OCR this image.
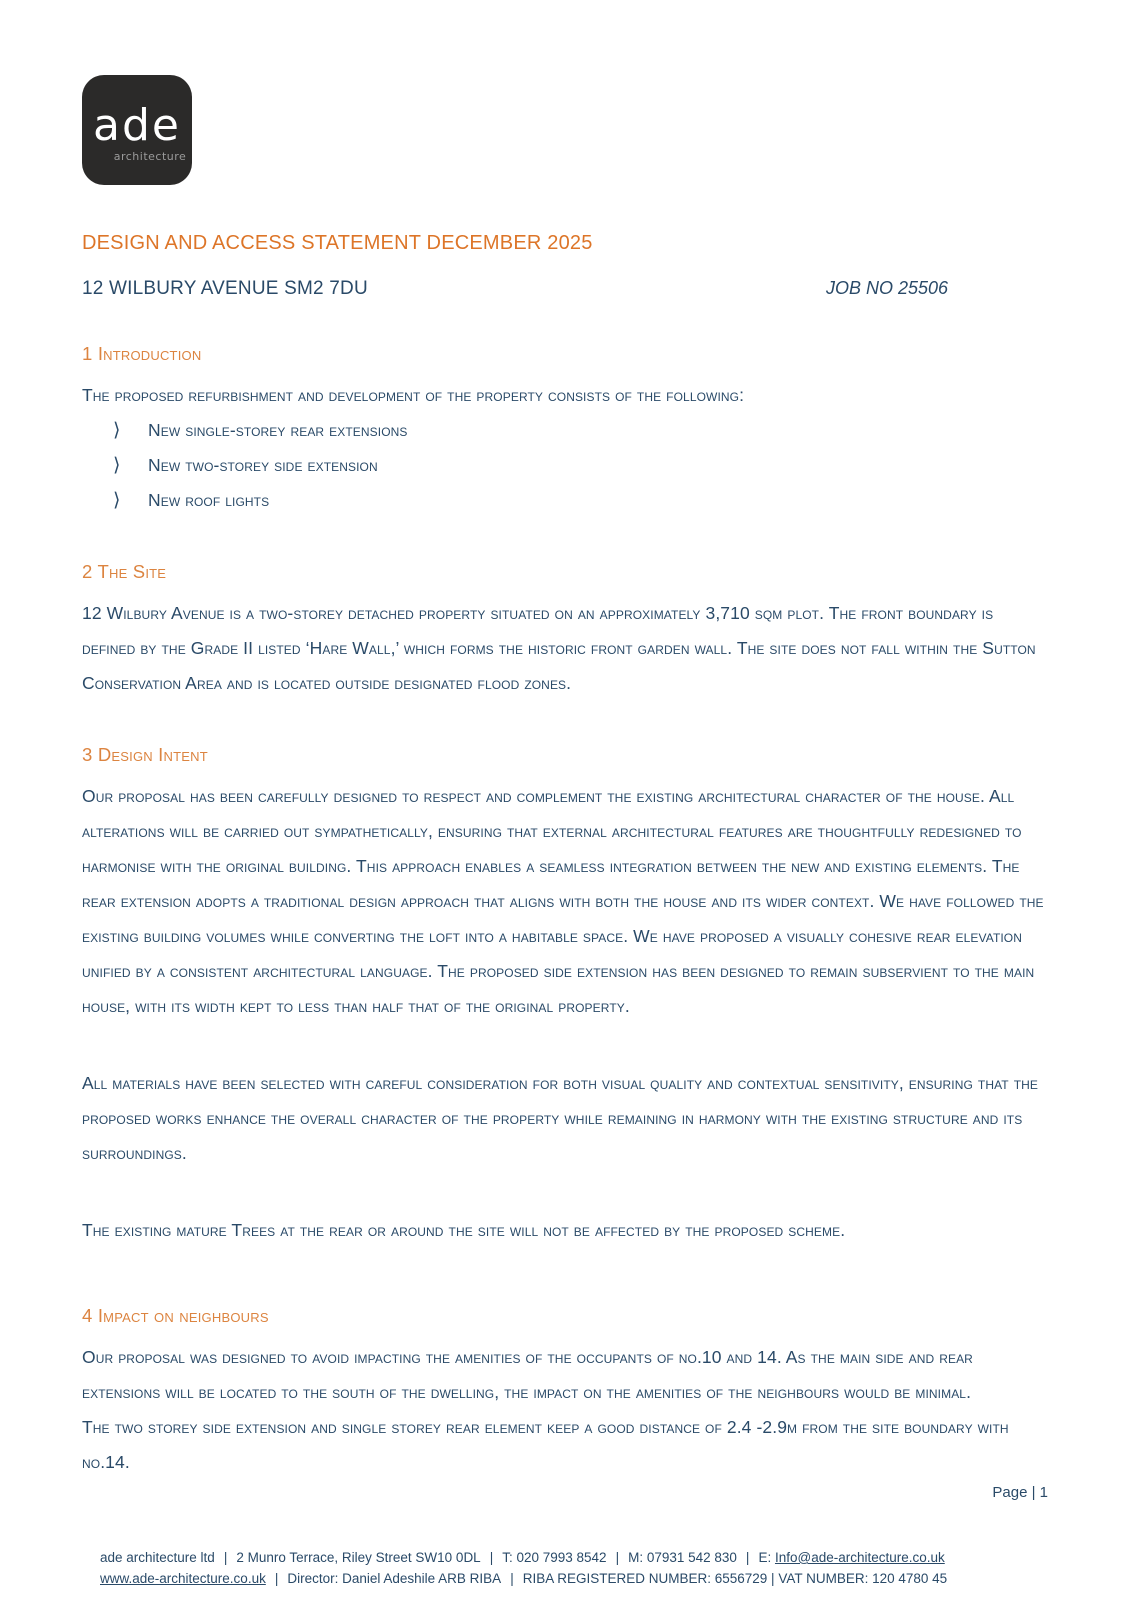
ade
architecture
DESIGN AND ACCESS STATEMENT DECEMBER 2025
12 WILBURY AVENUE SM2 7DU	JOB NO 25506
1 Introduction

The proposed refurbishment and development of the property consists of the following:

⟩	New single-storey rear extensions
⟩	New two-storey side extension
⟩	New roof lights
2 The Site

12 Wilbury Avenue is a two-storey detached property situated on an approximately 3,710 sqm plot. The front boundary is defined by the Grade II listed ‘Hare Wall,’ which forms the historic front garden wall. The site does not fall within the Sutton Conservation Area and is located outside designated flood zones.

3 Design Intent

Our proposal has been carefully designed to respect and complement the existing architectural character of the house. All alterations will be carried out sympathetically, ensuring that external architectural features are thoughtfully redesigned to harmonise with the original building. This approach enables a seamless integration between the new and existing elements. The rear extension adopts a traditional design approach that aligns with both the house and its wider context. We have followed the existing building volumes while converting the loft into a habitable space. We have proposed a visually cohesive rear elevation unified by a consistent architectural language. The proposed side extension has been designed to remain subservient to the main house, with its width kept to less than half that of the original property.

All materials have been selected with careful consideration for both visual quality and contextual sensitivity, ensuring that the proposed works enhance the overall character of the property while remaining in harmony with the existing structure and its surroundings.

The existing mature Trees at the rear or around the site will not be affected by the proposed scheme.

4 Impact on neighbours

Our proposal was designed to avoid impacting the amenities of the occupants of no.10 and 14. As the main side and rear extensions will be located to the south of the dwelling, the impact on the amenities of the neighbours would be minimal.

The two storey side extension and single storey rear element keep a good distance of 2.4 -2.9m from the site boundary with no.14.

Page | 1
ade architecture ltd | 2 Munro Terrace, Riley Street SW10 0DL | T: 020 7993 8542 | M: 07931 542 830 | E: Info@ade-architecture.co.uk
www.ade-architecture.co.uk | Director: Daniel Adeshile ARB RIBA | RIBA REGISTERED NUMBER: 6556729 | VAT NUMBER: 120 4780 45
